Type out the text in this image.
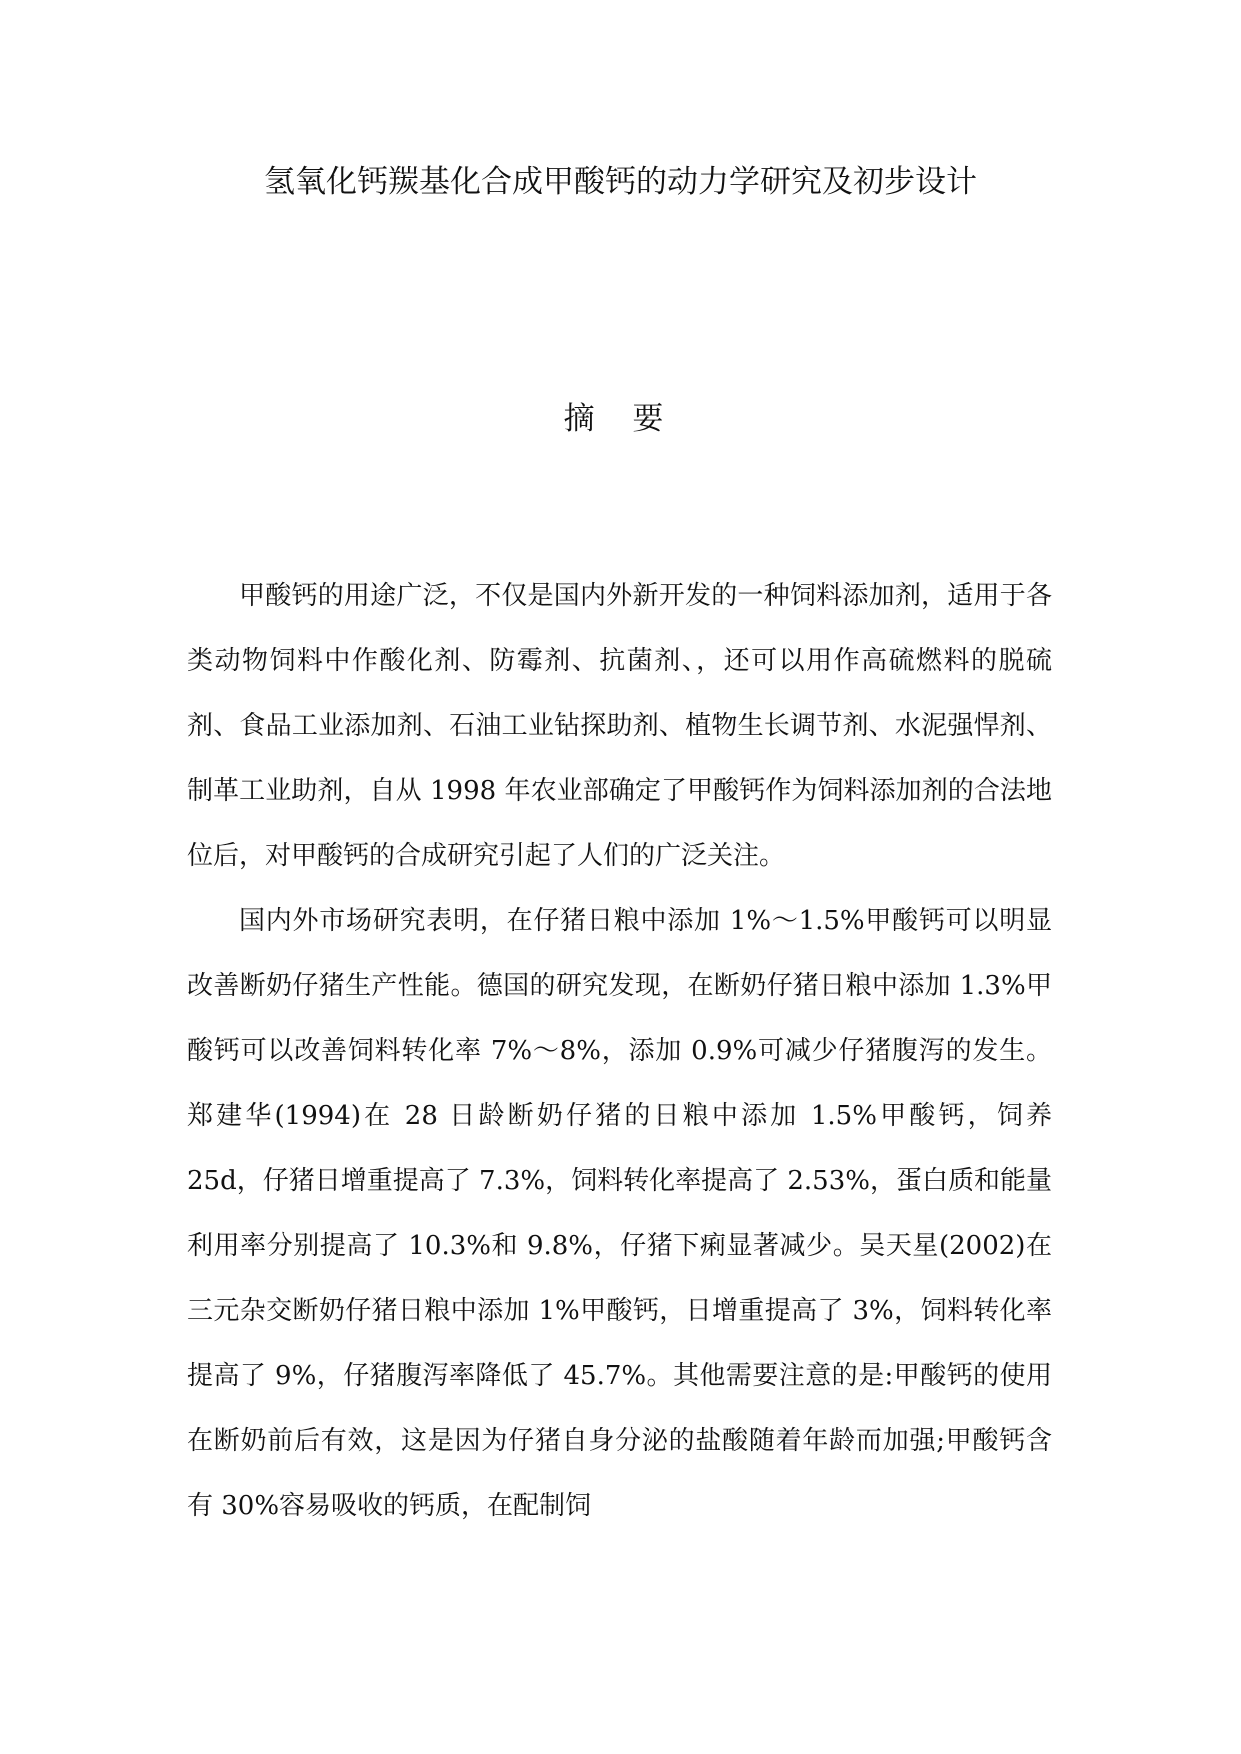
氢氧化钙羰基化合成甲酸钙的动力学研究及初步设计
摘 要

甲酸钙的用途广泛，不仅是国内外新开发的一种饲料添加剂，适用于各类动物饲料中作酸化剂、防霉剂、抗菌剂、，还可以用作高硫燃料的脱硫剂、食品工业添加剂、石油工业钻探助剂、植物生长调节剂、水泥强悍剂、制革工业助剂，自从 1998 年农业部确定了甲酸钙作为饲料添加剂的合法地位后，对甲酸钙的合成研究引起了人们的广泛关注。

国内外市场研究表明，在仔猪日粮中添加 1%～1.5%甲酸钙可以明显改善断奶仔猪生产性能。德国的研究发现，在断奶仔猪日粮中添加 1.3%甲酸钙可以改善饲料转化率 7%～8%，添加 0.9%可减少仔猪腹泻的发生。郑建华(1994)在 28 日龄断奶仔猪的日粮中添加 1.5%甲酸钙，饲养 25d，仔猪日增重提高了 7.3%，饲料转化率提高了 2.53%，蛋白质和能量利用率分别提高了 10.3%和 9.8%，仔猪下痢显著减少。吴天星(2002)在三元杂交断奶仔猪日粮中添加 1%甲酸钙，日增重提高了 3%，饲料转化率提高了 9%，仔猪腹泻率降低了 45.7%。其他需要注意的是:甲酸钙的使用在断奶前后有效，这是因为仔猪自身分泌的盐酸随着年龄而加强;甲酸钙含有 30%容易吸收的钙质，在配制饲
